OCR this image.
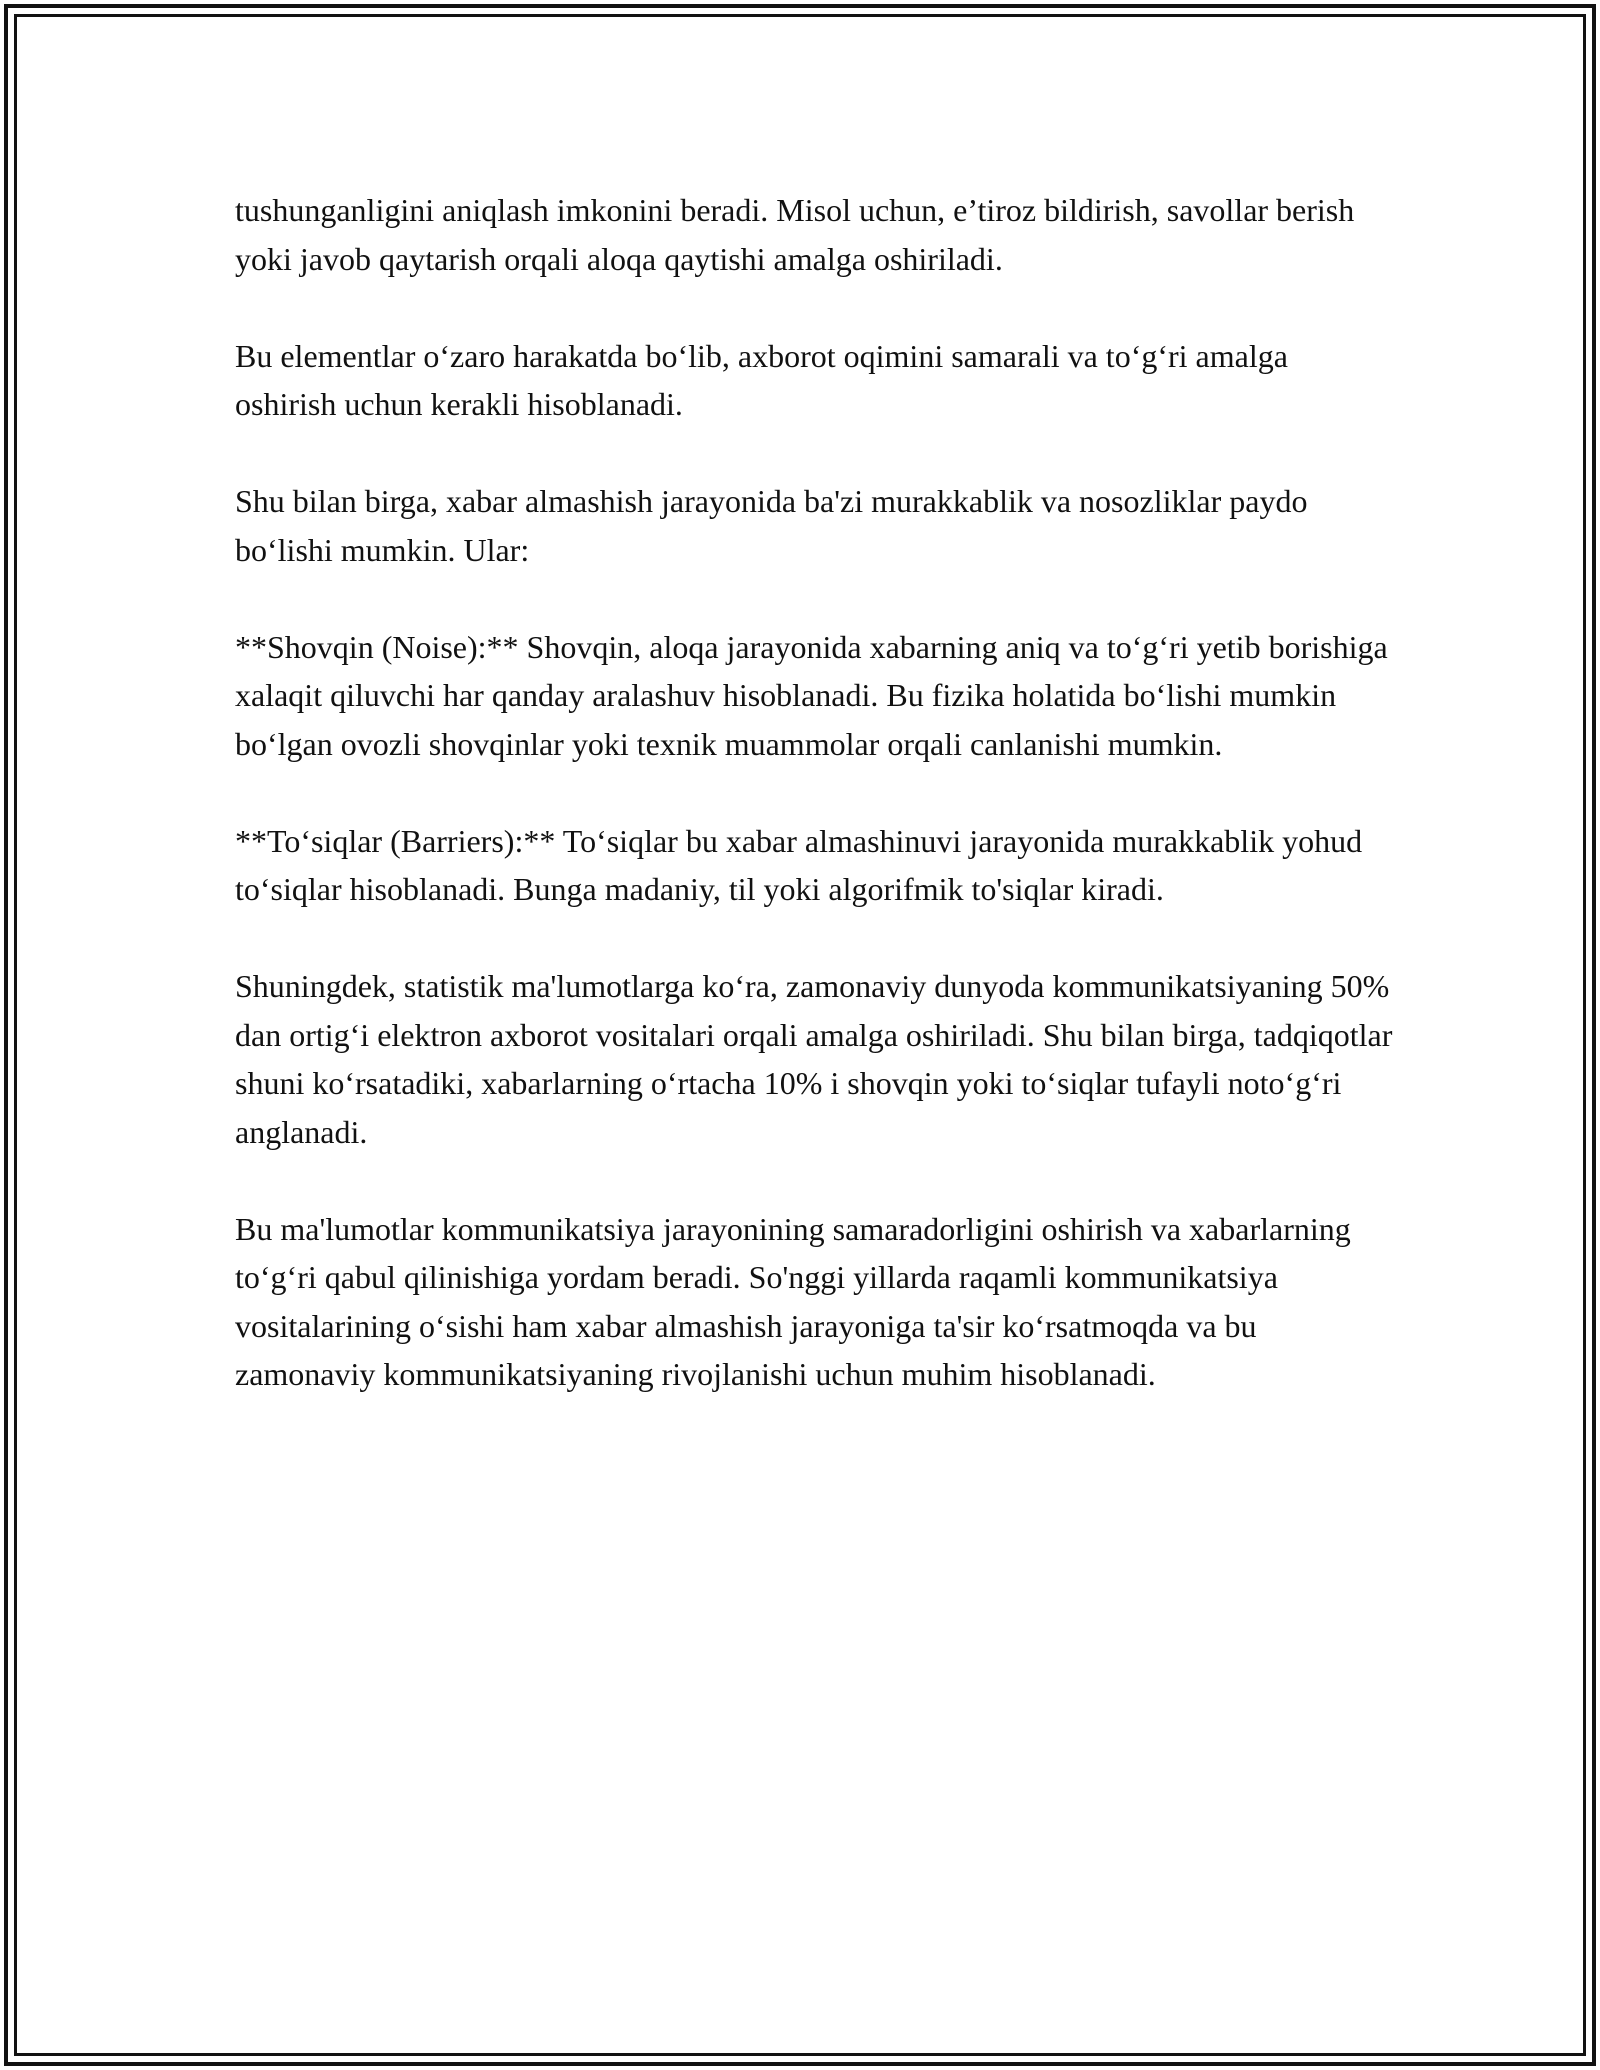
tushunganligini aniqlash imkonini beradi. Misol uchun, e’tiroz bildirish, savollar berish yoki javob qaytarish orqali aloqa qaytishi amalga oshiriladi.

Bu elementlar o‘zaro harakatda bo‘lib, axborot oqimini samarali va to‘g‘ri amalga oshirish uchun kerakli hisoblanadi.

Shu bilan birga, xabar almashish jarayonida ba'zi murakkablik va nosozliklar paydo bo‘lishi mumkin. Ular:

**Shovqin (Noise):** Shovqin, aloqa jarayonida xabarning aniq va to‘g‘ri yetib borishiga xalaqit qiluvchi har qanday aralashuv hisoblanadi. Bu fizika holatida bo‘lishi mumkin bo‘lgan ovozli shovqinlar yoki texnik muammolar orqali canlanishi mumkin.

**To‘siqlar (Barriers):** To‘siqlar bu xabar almashinuvi jarayonida murakkablik yohud to‘siqlar hisoblanadi. Bunga madaniy, til yoki algorifmik to'siqlar kiradi.

Shuningdek, statistik ma'lumotlarga ko‘ra, zamonaviy dunyoda kommunikatsiyaning 50% dan ortig‘i elektron axborot vositalari orqali amalga oshiriladi. Shu bilan birga, tadqiqotlar shuni ko‘rsatadiki, xabarlarning o‘rtacha 10% i shovqin yoki to‘siqlar tufayli noto‘g‘ri anglanadi.

Bu ma'lumotlar kommunikatsiya jarayonining samaradorligini oshirish va xabarlarning to‘g‘ri qabul qilinishiga yordam beradi. So'nggi yillarda raqamli kommunikatsiya vositalarining o‘sishi ham xabar almashish jarayoniga ta'sir ko‘rsatmoqda va bu zamonaviy kommunikatsiyaning rivojlanishi uchun muhim hisoblanadi.
